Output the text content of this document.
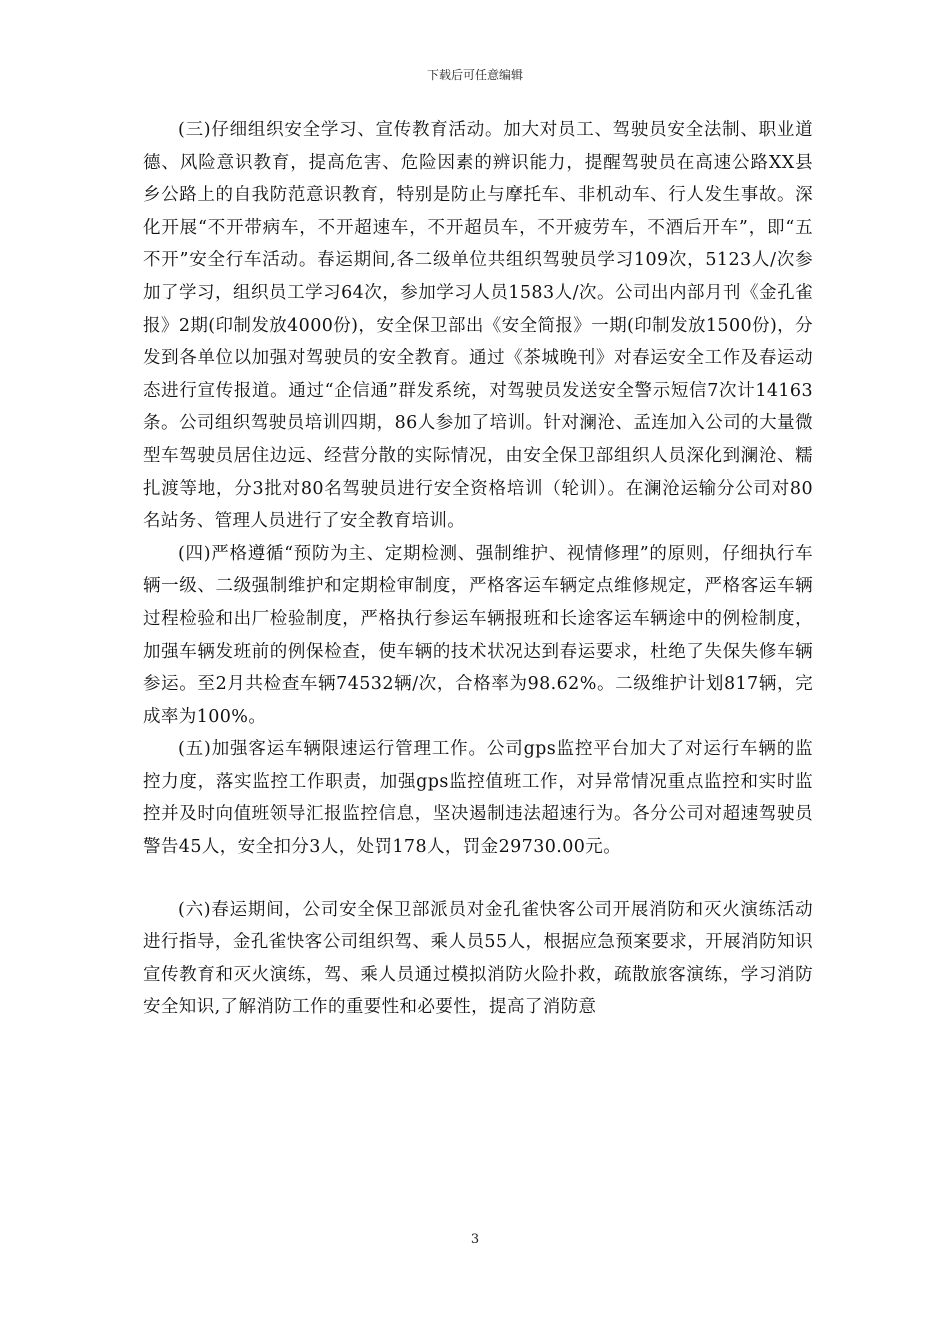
下载后可任意编辑

(三)仔细组织安全学习、宣传教育活动。加大对员工、驾驶员安全法制、职业道德、风险意识教育，提高危害、危险因素的辨识能力，提醒驾驶员在高速公路XX县乡公路上的自我防范意识教育，特别是防止与摩托车、非机动车、行人发生事故。深化开展“不开带病车，不开超速车，不开超员车，不开疲劳车，不酒后开车”，即“五不开”安全行车活动。春运期间,各二级单位共组织驾驶员学习109次，5123人/次参加了学习，组织员工学习64次，参加学习人员1583人/次。公司出内部月刊《金孔雀报》2期(印制发放4000份)，安全保卫部出《安全简报》一期(印制发放1500份)，分发到各单位以加强对驾驶员的安全教育。通过《茶城晚刊》对春运安全工作及春运动态进行宣传报道。通过“企信通”群发系统，对驾驶员发送安全警示短信7次计14163条。公司组织驾驶员培训四期，86人参加了培训。针对澜沧、孟连加入公司的大量微型车驾驶员居住边远、经营分散的实际情况，由安全保卫部组织人员深化到澜沧、糯扎渡等地，分3批对80名驾驶员进行安全资格培训（轮训）。在澜沧运输分公司对80名站务、管理人员进行了安全教育培训。

(四)严格遵循“预防为主、定期检测、强制维护、视情修理”的原则，仔细执行车辆一级、二级强制维护和定期检审制度，严格客运车辆定点维修规定，严格客运车辆过程检验和出厂检验制度，严格执行参运车辆报班和长途客运车辆途中的例检制度，加强车辆发班前的例保检查，使车辆的技术状况达到春运要求，杜绝了失保失修车辆参运。至2月共检查车辆74532辆/次，合格率为98.62%。二级维护计划817辆，完成率为100%。

(五)加强客运车辆限速运行管理工作。公司gps监控平台加大了对运行车辆的监控力度，落实监控工作职责，加强gps监控值班工作，对异常情况重点监控和实时监控并及时向值班领导汇报监控信息，坚决遏制违法超速行为。各分公司对超速驾驶员警告45人，安全扣分3人，处罚178人，罚金29730.00元。

(六)春运期间，公司安全保卫部派员对金孔雀快客公司开展消防和灭火演练活动进行指导，金孔雀快客公司组织驾、乘人员55人，根据应急预案要求，开展消防知识宣传教育和灭火演练，驾、乘人员通过模拟消防火险扑救，疏散旅客演练，学习消防安全知识,了解消防工作的重要性和必要性，提高了消防意

3
